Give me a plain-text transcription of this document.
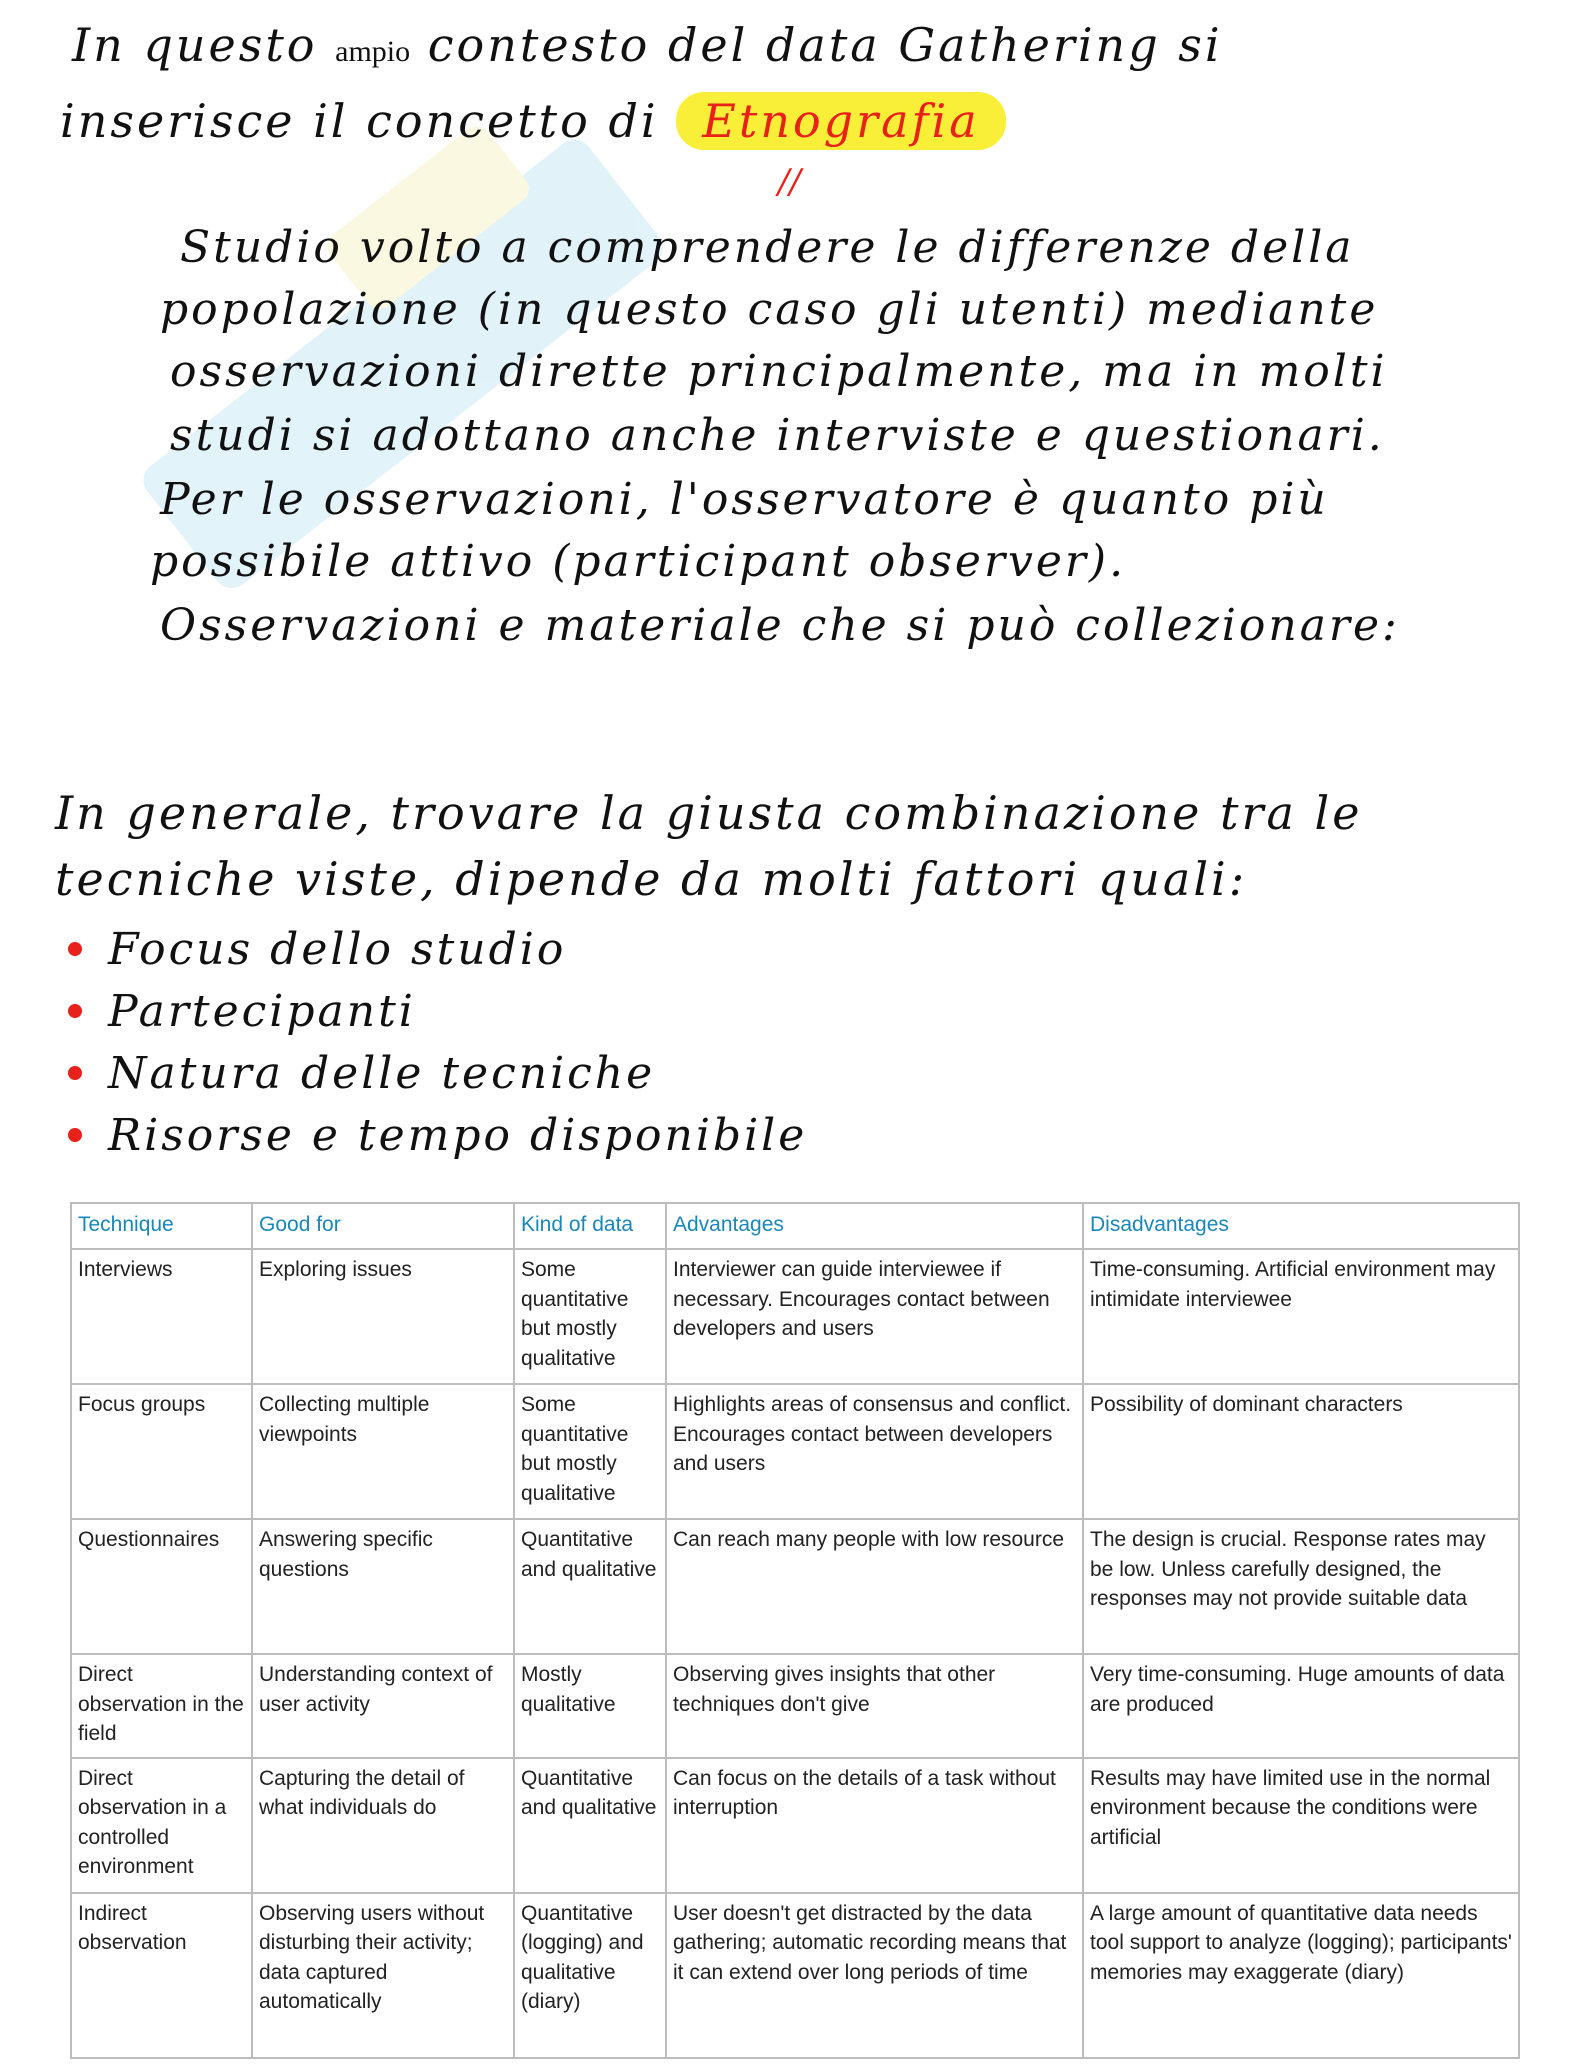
In questo ampio contesto del data Gathering si
inserisce il concetto di Etnografia
//
Studio volto a comprendere le differenze della
popolazione (in questo caso gli utenti) mediante
osservazioni dirette principalmente, ma in molti
studi si adottano anche interviste e questionari.
Per le osservazioni, l'osservatore è quanto più
possibile attivo (participant observer).
Osservazioni e materiale che si può collezionare:
In generale, trovare la giusta combinazione tra le
tecniche viste, dipende da molti fattori quali:
Focus dello studio
Partecipanti
Natura delle tecniche
Risorse e tempo disponibile
Technique	Good for	Kind of data	Advantages	Disadvantages
Interviews	Exploring issues	Some quantitative but mostly qualitative	Interviewer can guide interviewee if necessary. Encourages contact between developers and users	Time-consuming. Artificial environment may intimidate interviewee
Focus groups	Collecting multiple viewpoints	Some quantitative but mostly qualitative	Highlights areas of consensus and conflict. Encourages contact between developers and users	Possibility of dominant characters
Questionnaires	Answering specific questions	Quantitative and qualitative	Can reach many people with low resource	The design is crucial. Response rates may be low. Unless carefully designed, the responses may not provide suitable data
Direct observation in the field	Understanding context of user activity	Mostly qualitative	Observing gives insights that other techniques don't give	Very time-consuming. Huge amounts of data are produced
Direct observation in a controlled environment	Capturing the detail of what individuals do	Quantitative and qualitative	Can focus on the details of a task without interruption	Results may have limited use in the normal environment because the conditions were artificial
Indirect observation	Observing users without disturbing their activity; data captured automatically	Quantitative (logging) and qualitative (diary)	User doesn't get distracted by the data gathering; automatic recording means that it can extend over long periods of time	A large amount of quantitative data needs tool support to analyze (logging); participants' memories may exaggerate (diary)
